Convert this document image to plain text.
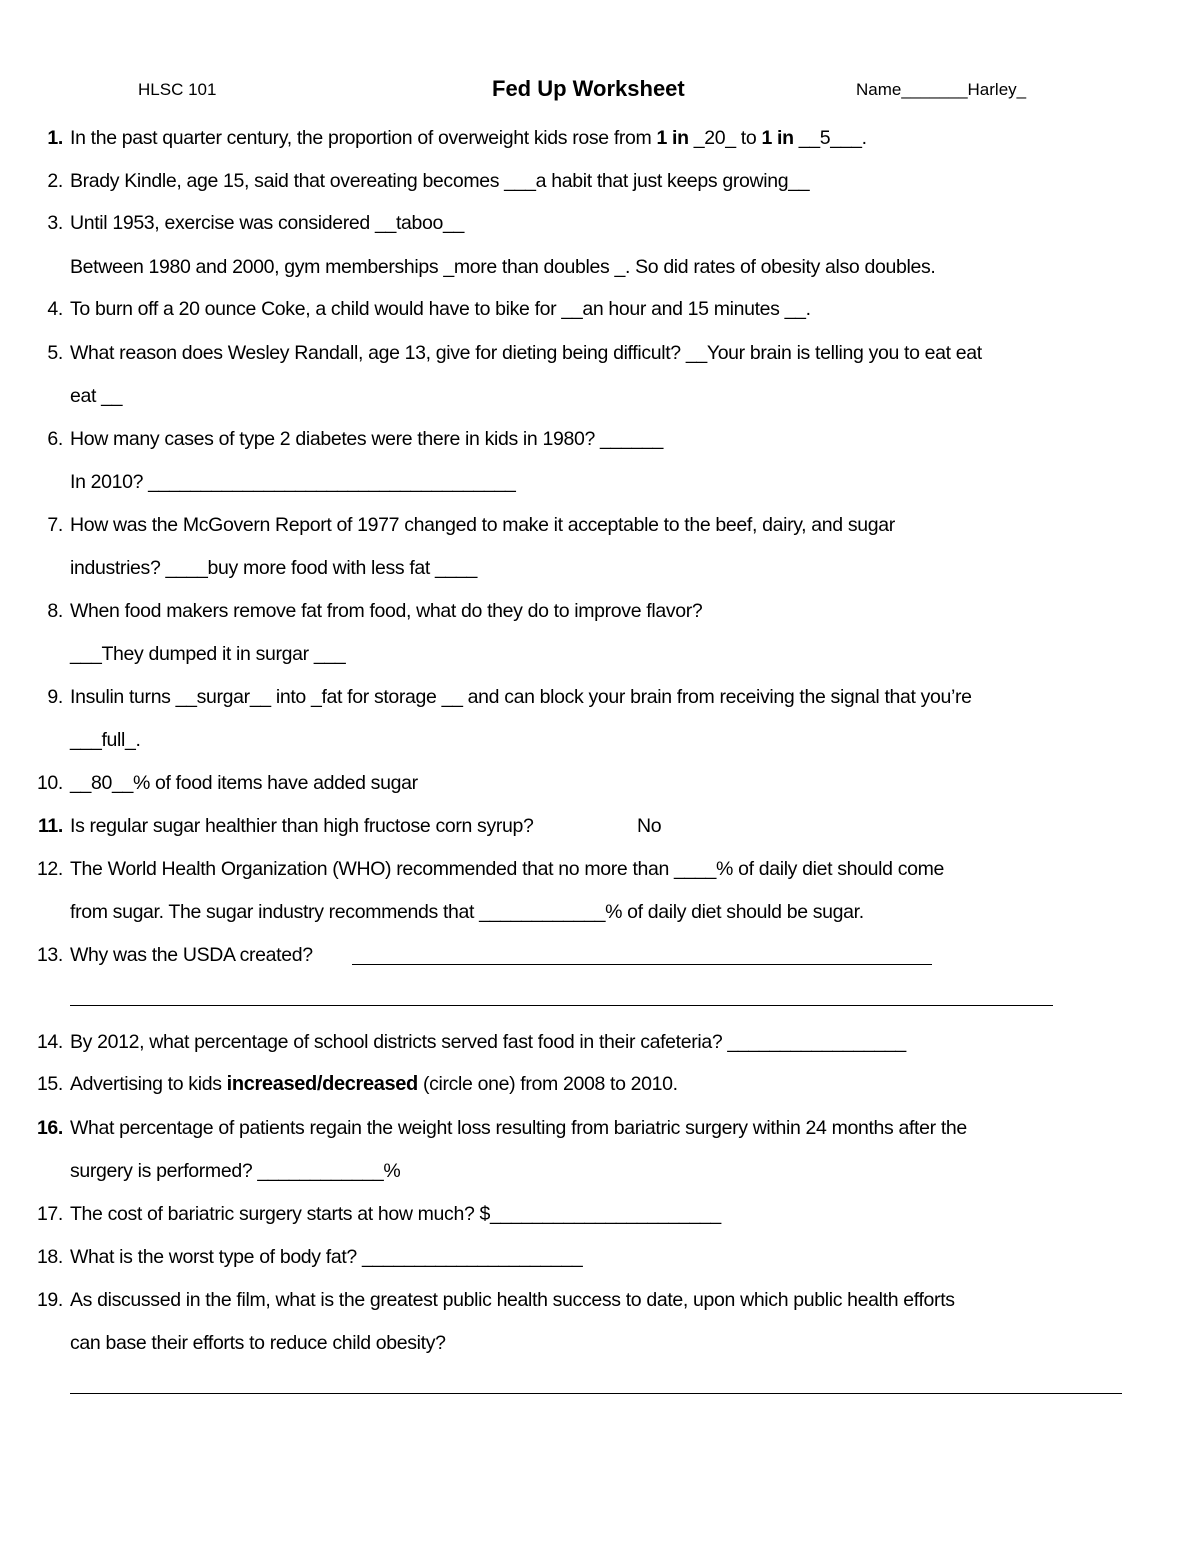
HLSC 101	Fed Up Worksheet	Name_______Harley_
1. In the past quarter century, the proportion of overweight kids rose from 1 in _20_ to 1 in __5___.
2. Brady Kindle, age 15, said that overeating becomes ___a habit that just keeps growing__
3. Until 1953, exercise was considered __taboo__
Between 1980 and 2000, gym memberships _more than doubles _. So did rates of obesity also doubles.
4. To burn off a 20 ounce Coke, a child would have to bike for __an hour and 15 minutes __.
5. What reason does Wesley Randall, age 13, give for dieting being difficult? __Your brain is telling you to eat eat
eat __
6. How many cases of type 2 diabetes were there in kids in 1980? ______
In 2010? ___________________________________
7. How was the McGovern Report of 1977 changed to make it acceptable to the beef, dairy, and sugar
industries? ____buy more food with less fat ____
8. When food makers remove fat from food, what do they do to improve flavor?
___They dumped it in surgar ___
9. Insulin turns __surgar__ into _fat for storage __ and can block your brain from receiving the signal that you’re
___full_.
10. __80__% of food items have added sugar
11. Is regular sugar healthier than high fructose corn syrup?	No
12. The World Health Organization (WHO) recommended that no more than ____% of daily diet should come
from sugar. The sugar industry recommends that ____________% of daily diet should be sugar.
13. Why was the USDA created?
14. By 2012, what percentage of school districts served fast food in their cafeteria? _________________
15. Advertising to kids increased/decreased (circle one) from 2008 to 2010.
16. What percentage of patients regain the weight loss resulting from bariatric surgery within 24 months after the
surgery is performed? ____________%
17. The cost of bariatric surgery starts at how much? $______________________
18. What is the worst type of body fat? _____________________
19. As discussed in the film, what is the greatest public health success to date, upon which public health efforts
can base their efforts to reduce child obesity?
